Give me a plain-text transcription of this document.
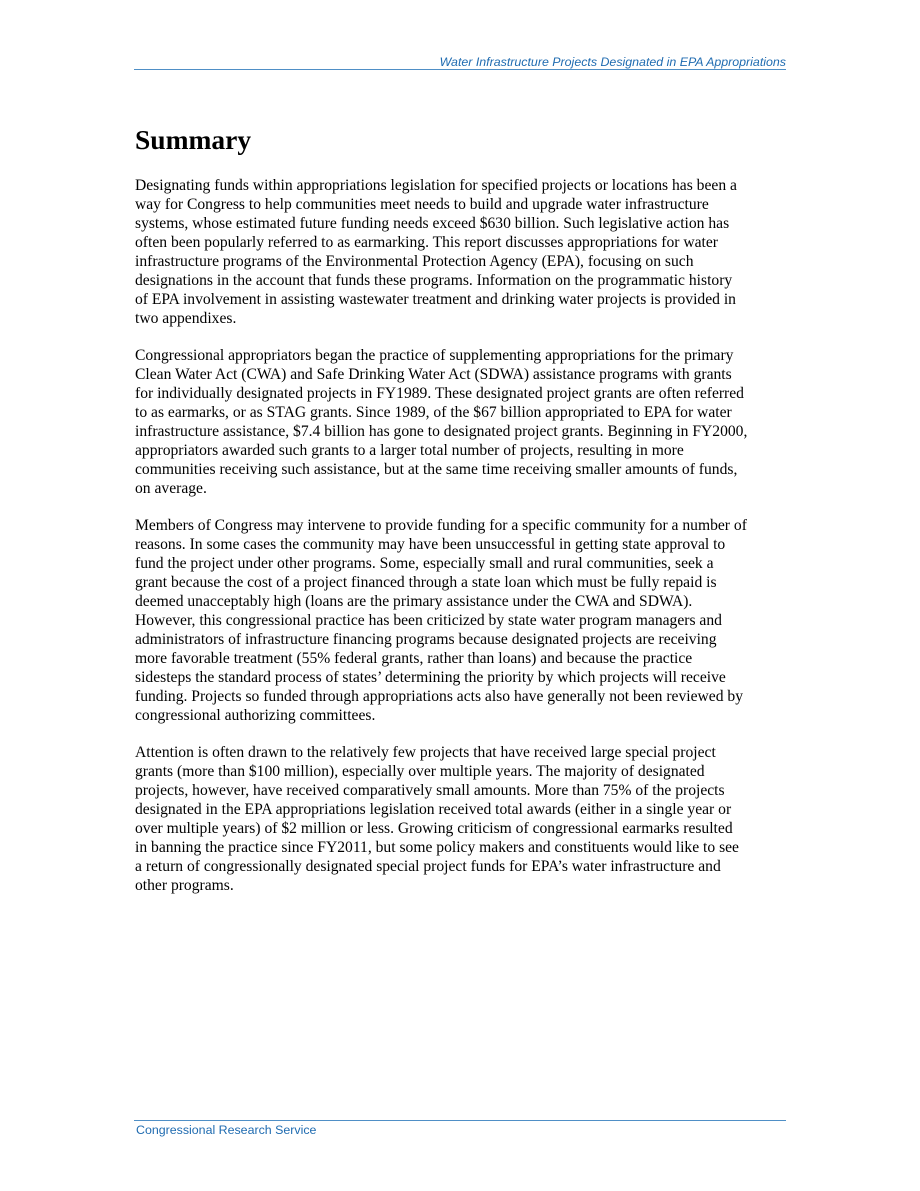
Water Infrastructure Projects Designated in EPA Appropriations
Summary

Designating funds within appropriations legislation for specified projects or locations has been a
way for Congress to help communities meet needs to build and upgrade water infrastructure
systems, whose estimated future funding needs exceed $630 billion. Such legislative action has
often been popularly referred to as earmarking. This report discusses appropriations for water
infrastructure programs of the Environmental Protection Agency (EPA), focusing on such
designations in the account that funds these programs. Information on the programmatic history
of EPA involvement in assisting wastewater treatment and drinking water projects is provided in
two appendixes.

Congressional appropriators began the practice of supplementing appropriations for the primary
Clean Water Act (CWA) and Safe Drinking Water Act (SDWA) assistance programs with grants
for individually designated projects in FY1989. These designated project grants are often referred
to as earmarks, or as STAG grants. Since 1989, of the $67 billion appropriated to EPA for water
infrastructure assistance, $7.4 billion has gone to designated project grants. Beginning in FY2000,
appropriators awarded such grants to a larger total number of projects, resulting in more
communities receiving such assistance, but at the same time receiving smaller amounts of funds,
on average.

Members of Congress may intervene to provide funding for a specific community for a number of
reasons. In some cases the community may have been unsuccessful in getting state approval to
fund the project under other programs. Some, especially small and rural communities, seek a
grant because the cost of a project financed through a state loan which must be fully repaid is
deemed unacceptably high (loans are the primary assistance under the CWA and SDWA).
However, this congressional practice has been criticized by state water program managers and
administrators of infrastructure financing programs because designated projects are receiving
more favorable treatment (55% federal grants, rather than loans) and because the practice
sidesteps the standard process of states’ determining the priority by which projects will receive
funding. Projects so funded through appropriations acts also have generally not been reviewed by
congressional authorizing committees.

Attention is often drawn to the relatively few projects that have received large special project
grants (more than $100 million), especially over multiple years. The majority of designated
projects, however, have received comparatively small amounts. More than 75% of the projects
designated in the EPA appropriations legislation received total awards (either in a single year or
over multiple years) of $2 million or less. Growing criticism of congressional earmarks resulted
in banning the practice since FY2011, but some policy makers and constituents would like to see
a return of congressionally designated special project funds for EPA’s water infrastructure and
other programs.

Congressional Research Service
